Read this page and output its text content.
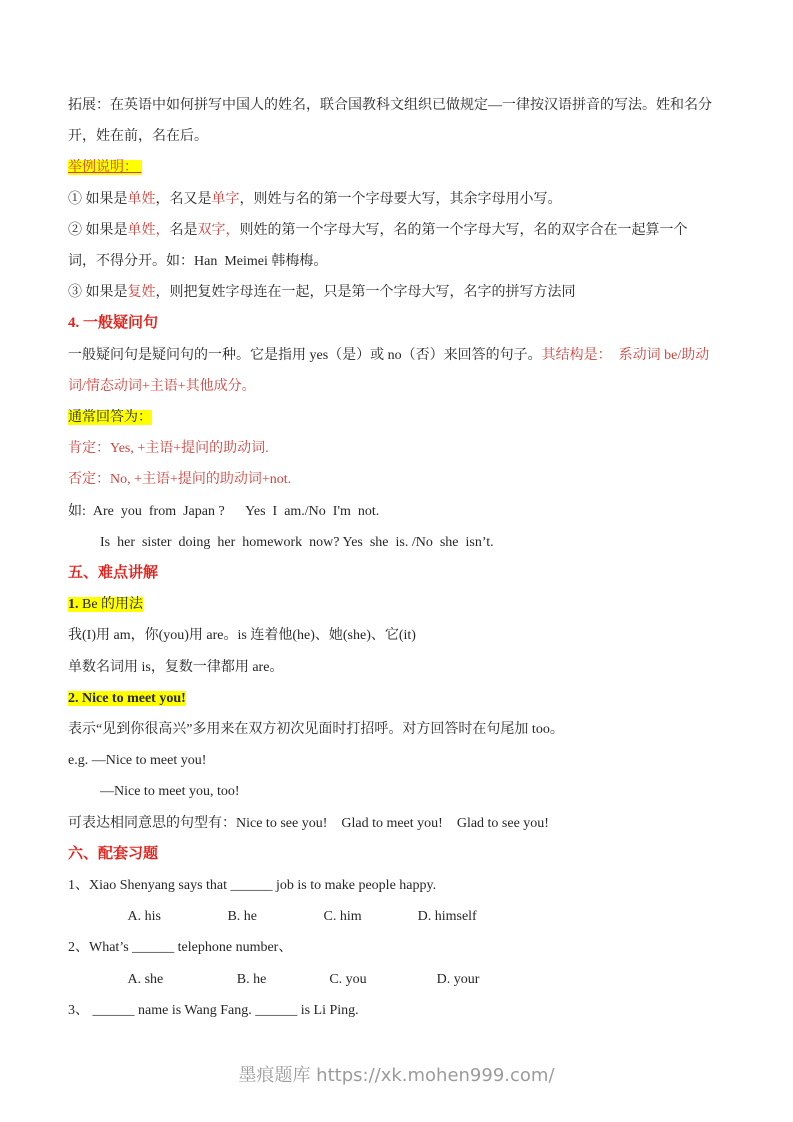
拓展：在英语中如何拼写中国人的姓名，联合国教科文组织已做规定—一律按汉语拼音的写法。姓和名分
开，姓在前，名在后。
举例说明：
① 如果是单姓，名又是单字，则姓与名的第一个字母要大写，其余字母用小写。
② 如果是单姓，名是双字，则姓的第一个字母大写，名的第一个字母大写，名的双字合在一起算一个
词，不得分开。如：Han  Meimei 韩梅梅。
③ 如果是复姓，则把复姓字母连在一起，只是第一个字母大写，名字的拼写方法同
4. 一般疑问句
一般疑问句是疑问句的一种。它是指用 yes（是）或 no（否）来回答的句子。其结构是：  系动词 be/助动
词/情态动词+主语+其他成分。
通常回答为：
肯定：Yes, +主语+提问的助动词.
否定：No, +主语+提问的助动词+not.
如:  Are  you  from  Japan ?      Yes  I  am./No  I'm  not.
Is  her  sister  doing  her  homework  now? Yes  she  is. /No  she  isn’t.
五、难点讲解
1. Be 的用法
我(I)用 am，你(you)用 are。is 连着他(he)、她(she)、它(it)
单数名词用 is，复数一律都用 are。
2. Nice to meet you!
表示“见到你很高兴”多用来在双方初次见面时打招呼。对方回答时在句尾加 too。
e.g. —Nice to meet you!
—Nice to meet you, too!
可表达相同意思的句型有：Nice to see you!    Glad to meet you!    Glad to see you!
六、配套习题
1、Xiao Shenyang says that ______ job is to make people happy.
A. his                   B. he                   C. him                D. himself
2、What’s ______ telephone number、
A. she                     B. he                  C. you                    D. your
3、 ______ name is Wang Fang. ______ is Li Ping.
墨痕题库 https://xk.mohen999.com/
